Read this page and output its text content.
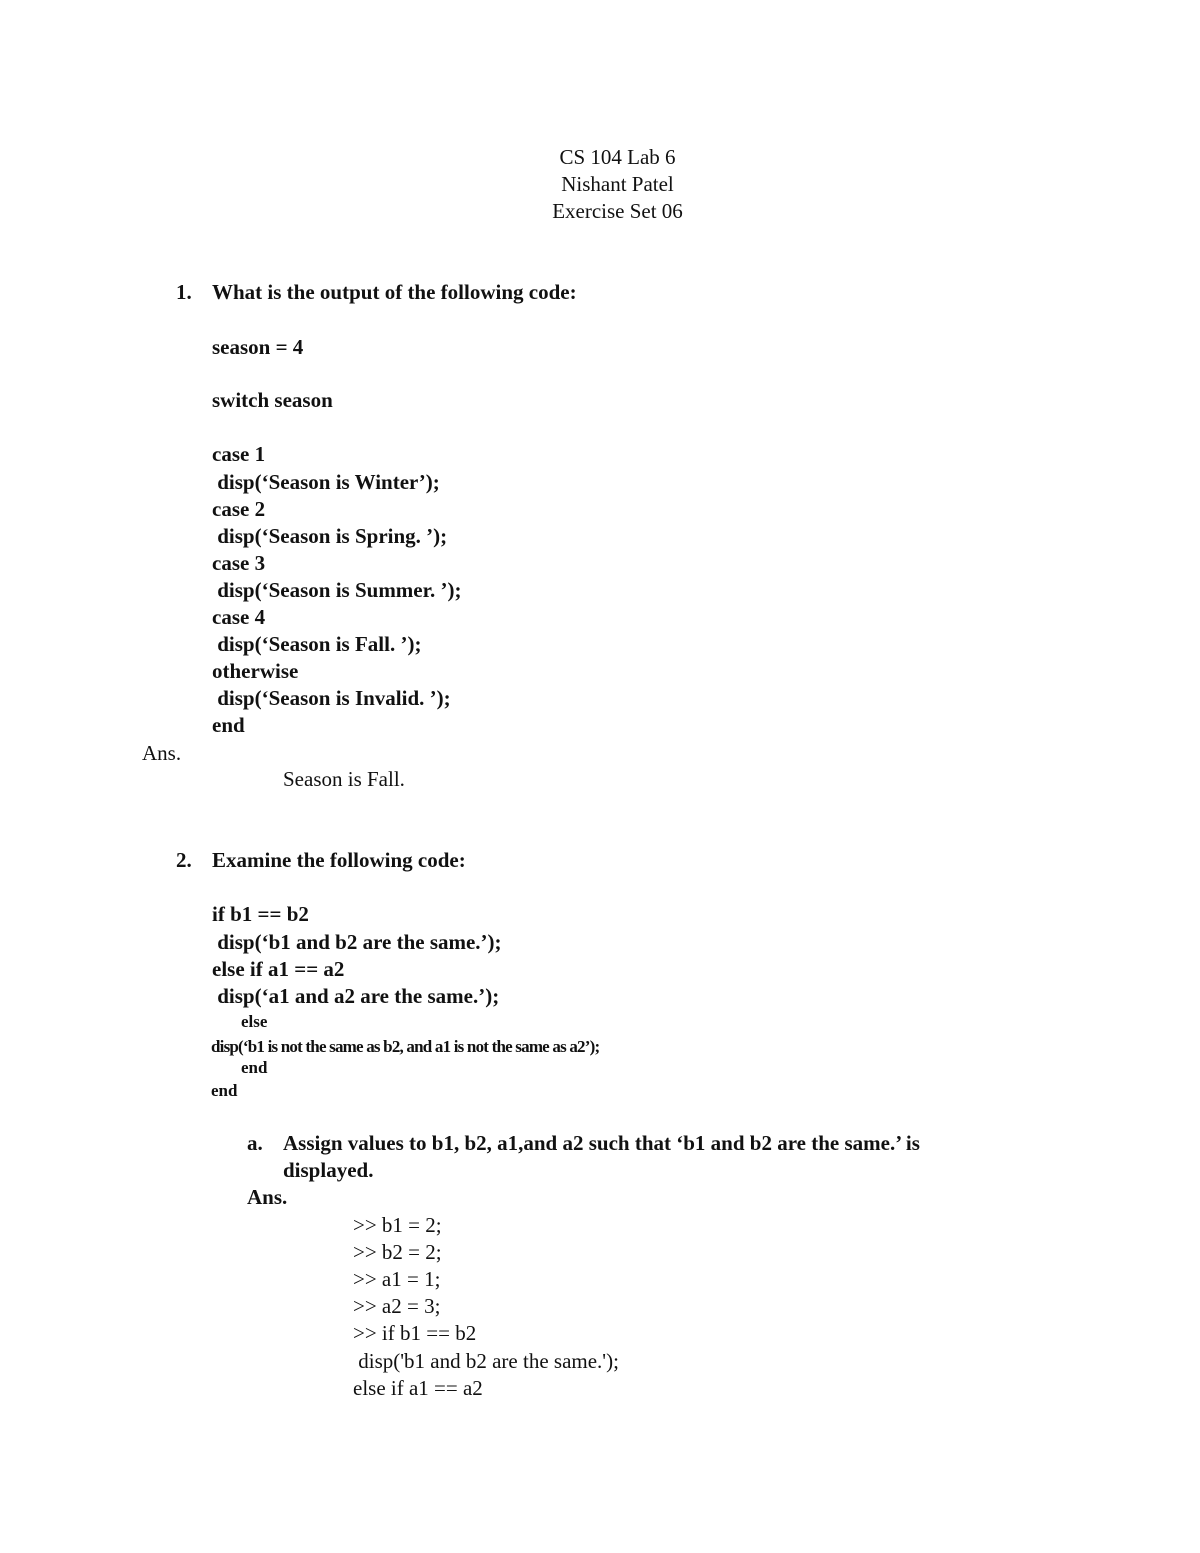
CS 104 Lab 6
Nishant Patel
Exercise Set 06
1. What is the output of the following code:
season = 4
switch season
case 1
disp(‘Season is Winter’);
case 2
disp(‘Season is Spring. ’);
case 3
disp(‘Season is Summer. ’);
case 4
disp(‘Season is Fall. ’);
otherwise
disp(‘Season is Invalid. ’);
end
Ans.
Season is Fall.
2. Examine the following code:
if b1 == b2
disp(‘b1 and b2 are the same.’);
else if a1 == a2
disp(‘a1 and a2 are the same.’);
else
disp(‘b1 is not the same as b2, and a1 is not the same as a2’);
end
end
a. Assign values to b1, b2, a1,and a2 such that ‘b1 and b2 are the same.’ is
displayed.
Ans.
>> b1 = 2;
>> b2 = 2;
>> a1 = 1;
>> a2 = 3;
>> if b1 == b2
disp('b1 and b2 are the same.');
else if a1 == a2
